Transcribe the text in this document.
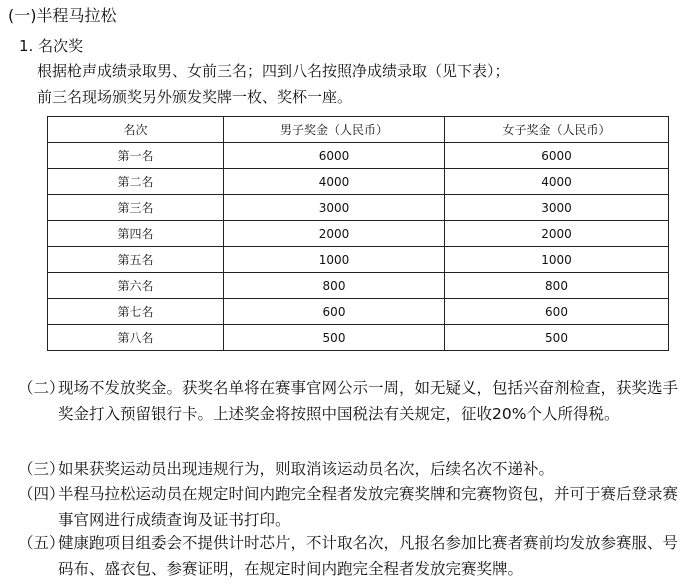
(一)半程马拉松
1. 名次奖
根据枪声成绩录取男、女前三名；四到八名按照净成绩录取（见下表）；
前三名现场颁奖另外颁发奖牌一枚、奖杯一座。
名次	男子奖金（人民币）	女子奖金（人民币）
第一名	6000	6000
第二名	4000	4000
第三名	3000	3000
第四名	2000	2000
第五名	1000	1000
第六名	800	800
第七名	600	600
第八名	500	500
（二）现场不发放奖金。获奖名单将在赛事官网公示一周，如无疑义，包括兴奋剂检查，获奖选手奖金打入预留银行卡。上述奖金将按照中国税法有关规定，征收20%个人所得税。
（三）如果获奖运动员出现违规行为，则取消该运动员名次，后续名次不递补。
（四）半程马拉松运动员在规定时间内跑完全程者发放完赛奖牌和完赛物资包，并可于赛后登录赛事官网进行成绩查询及证书打印。
（五）健康跑项目组委会不提供计时芯片，不计取名次，凡报名参加比赛者赛前均发放参赛服、号码布、盛衣包、参赛证明，在规定时间内跑完全程者发放完赛奖牌。
